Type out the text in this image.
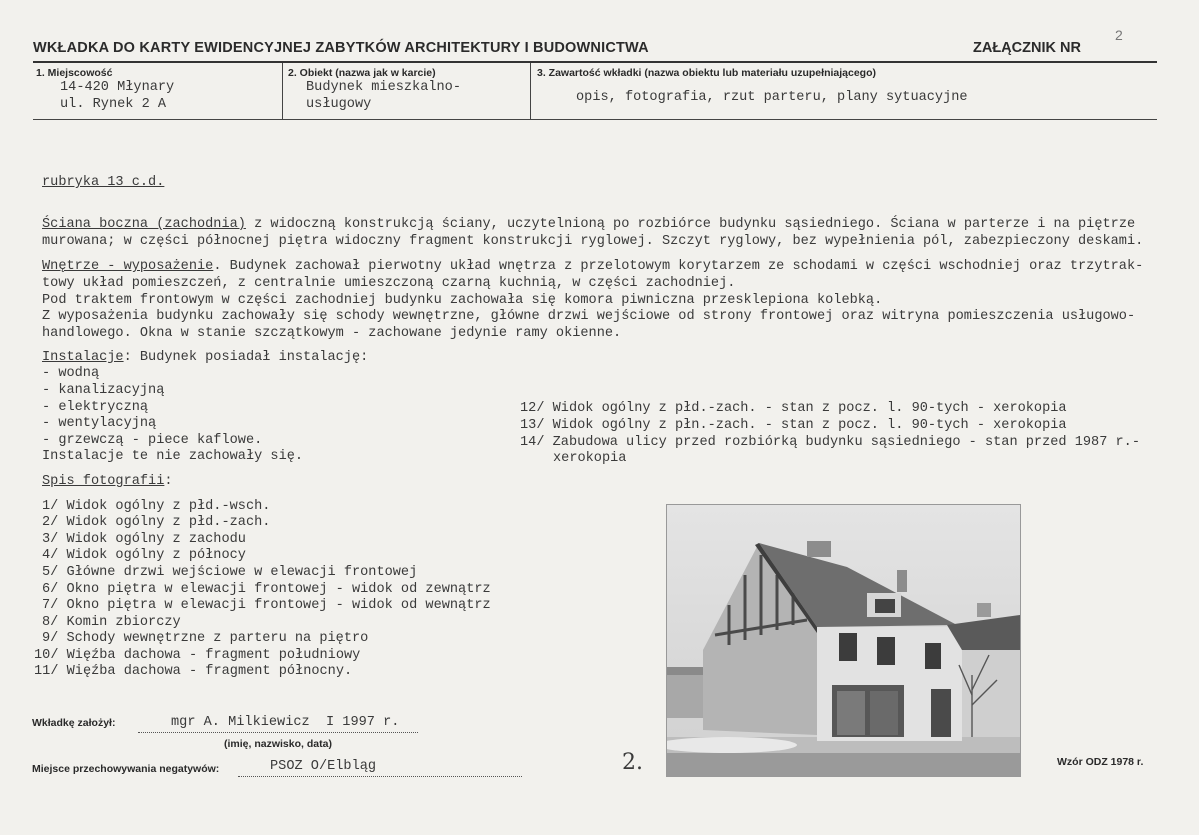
WKŁADKA DO KARTY EWIDENCYJNEJ ZABYTKÓW ARCHITEKTURY I BUDOWNICTWA	ZAŁĄCZNIK NR
2
1. Miejscowość
14-420 Młynary
ul. Rynek 2 A
2. Obiekt (nazwa jak w karcie)
Budynek mieszkalno-
usługowy
3. Zawartość wkładki (nazwa obiektu lub materiału uzupełniającego)
opis, fotografia, rzut parteru, plany sytuacyjne
rubryka 13 c.d.
Ściana boczna (zachodnia) z widoczną konstrukcją ściany, uczytelnioną po rozbiórce budynku sąsiedniego. Ściana w parterze i na piętrze
murowana; w części północnej piętra widoczny fragment konstrukcji ryglowej. Szczyt ryglowy, bez wypełnienia pól, zabezpieczony deskami.
Wnętrze - wyposażenie. Budynek zachował pierwotny układ wnętrza z przelotowym korytarzem ze schodami w części wschodniej oraz trzytrak-
towy układ pomieszczeń, z centralnie umieszczoną czarną kuchnią, w części zachodniej.
Pod traktem frontowym w części zachodniej budynku zachowała się komora piwniczna przesklepiona kolebką.
Z wyposażenia budynku zachowały się schody wewnętrzne, główne drzwi wejściowe od strony frontowej oraz witryna pomieszczenia usługowo-
handlowego. Okna w stanie szczątkowym - zachowane jedynie ramy okienne.
Instalacje: Budynek posiadał instalację:
- wodną
- kanalizacyjną
- elektryczną
- wentylacyjną
- grzewczą - piece kaflowe.
Instalacje te nie zachowały się.
Spis fotografii:
1/ Widok ogólny z płd.-wsch.
2/ Widok ogólny z płd.-zach.
3/ Widok ogólny z zachodu
4/ Widok ogólny z północy
5/ Główne drzwi wejściowe w elewacji frontowej
6/ Okno piętra w elewacji frontowej - widok od zewnątrz
7/ Okno piętra w elewacji frontowej - widok od wewnątrz
8/ Komin zbiorczy
9/ Schody wewnętrzne z parteru na piętro
10/ Więźba dachowa - fragment południowy
11/ Więźba dachowa - fragment północny.
12/ Widok ogólny z płd.-zach. - stan z pocz. l. 90-tych - xerokopia
13/ Widok ogólny z płn.-zach. - stan z pocz. l. 90-tych - xerokopia
14/ Zabudowa ulicy przed rozbiórką budynku sąsiedniego - stan przed 1987 r.-
xerokopia
Wkładkę założył:	mgr A. Milkiewicz  I 1997 r.
(imię, nazwisko, data)
Miejsce przechowywania negatywów:	PSOZ O/Elbląg	2.	Wzór ODZ 1978 r.
